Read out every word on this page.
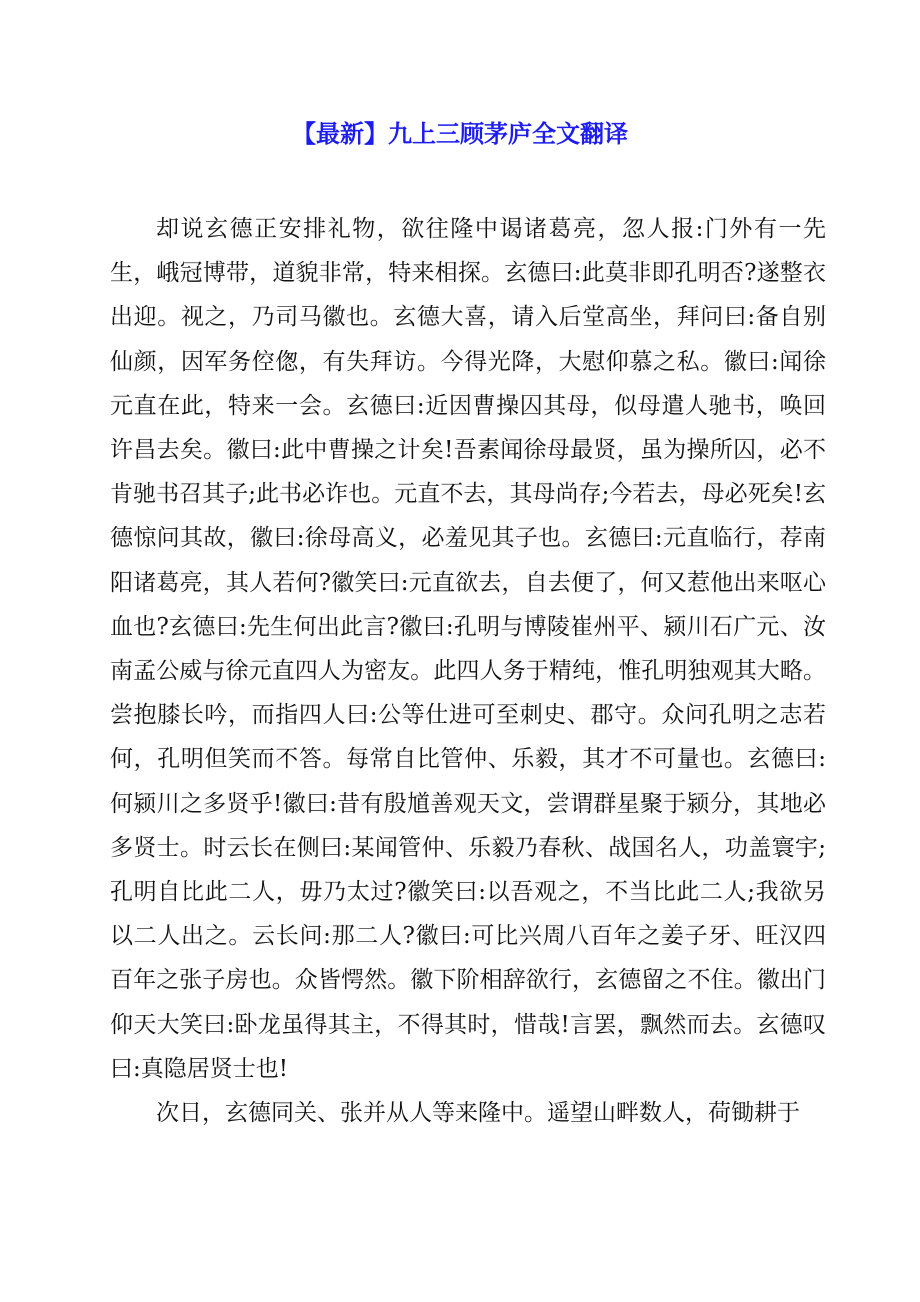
【最新】九上三顾茅庐全文翻译

却说玄德正安排礼物，欲往隆中谒诸葛亮，忽人报:门外有一先生，峨冠博带，道貌非常，特来相探。玄德曰:此莫非即孔明否?遂整衣出迎。视之，乃司马徽也。玄德大喜，请入后堂高坐，拜问曰:备自别仙颜，因军务倥偬，有失拜访。今得光降，大慰仰慕之私。徽曰:闻徐元直在此，特来一会。玄德曰:近因曹操囚其母，似母遣人驰书，唤回许昌去矣。徽曰:此中曹操之计矣!吾素闻徐母最贤，虽为操所囚，必不肯驰书召其子;此书必诈也。元直不去，其母尚存;今若去，母必死矣!玄德惊问其故，徽曰:徐母高义，必羞见其子也。玄德曰:元直临行，荐南阳诸葛亮，其人若何?徽笑曰:元直欲去，自去便了，何又惹他出来呕心血也?玄德曰:先生何出此言?徽曰:孔明与博陵崔州平、颍川石广元、汝南孟公威与徐元直四人为密友。此四人务于精纯，惟孔明独观其大略。尝抱膝长吟，而指四人曰:公等仕进可至刺史、郡守。众问孔明之志若何，孔明但笑而不答。每常自比管仲、乐毅，其才不可量也。玄德曰:何颍川之多贤乎!徽曰:昔有殷馗善观天文，尝谓群星聚于颍分，其地必多贤士。时云长在侧曰:某闻管仲、乐毅乃春秋、战国名人，功盖寰宇;孔明自比此二人，毋乃太过?徽笑曰:以吾观之，不当比此二人;我欲另以二人出之。云长问:那二人?徽曰:可比兴周八百年之姜子牙、旺汉四百年之张子房也。众皆愕然。徽下阶相辞欲行，玄德留之不住。徽出门仰天大笑曰:卧龙虽得其主，不得其时，惜哉!言罢，飘然而去。玄德叹曰:真隐居贤士也!

次日，玄德同关、张并从人等来隆中。遥望山畔数人，荷锄耕于
